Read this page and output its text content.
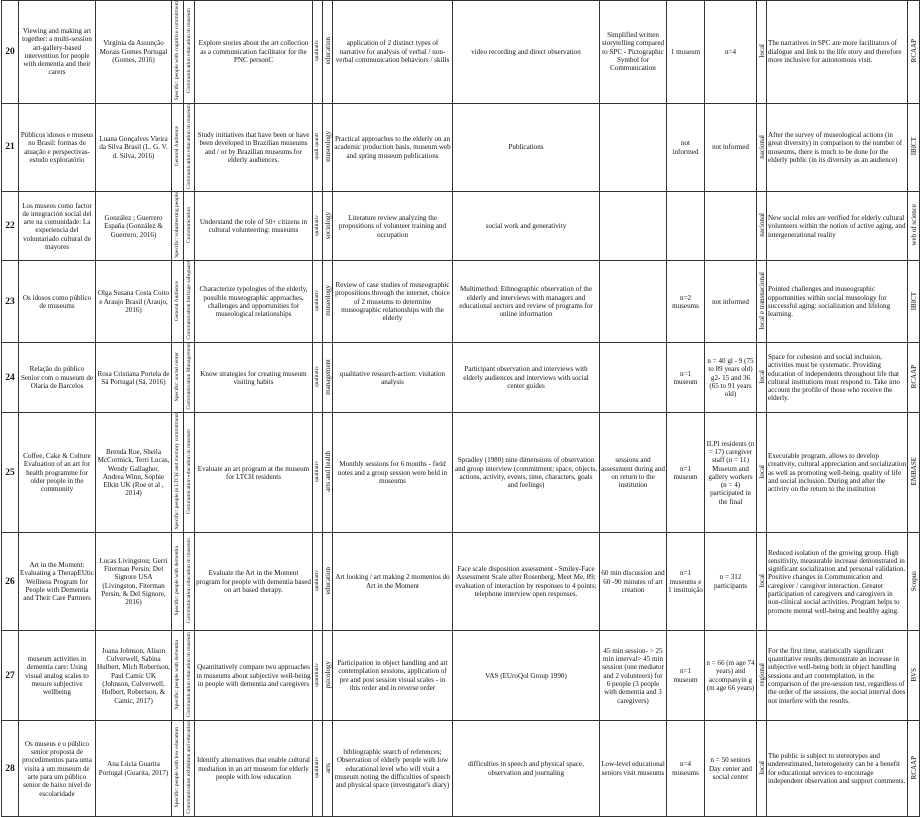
20	Viewing and making art together: a multi-session art-gallery-based intervention for people with dementia and their carers	Virgínia da Assunção Morais Gomes Portugal (Gomes, 2016)	Specific: people with cognitive commitment	Communication education in museum	Explore stories about the art collection as a communication facilitator for the PNC personC	qualitativ	education	application of 2 distinct types of narrative for analysis of verbal / non-verbal communication behaviors / skills	video recording and direct observation	Simplified written storytelling compared to SPC - Pictographic Symbol for Communication	1 museum	n=4	local	The narratives in SPC are more facilitators of dialogue and link to the life story and therefore more inclusive for autonomous visit.	RCAAP
21	Públicos idosos e museus no Brasil: formas de atuação e perspectivas- estudo exploratório	Luana Gonçalves Vieira da Silva Brasil (L. G. V. d. Silva, 2016)	General Audience	Communication education in museum	Study initiatives that have been or have been developed in Brazilian museums and / or by Brazilian museums for elderly audiences.	quali quanti	museology	Practical approaches to the elderly on an academic production basis, museum web and spring museum publications	Publications		not informed	not informed	nacional	After the survey of museological actions (in great diversity) in comparison to the number of museums, there is much to be done for the elderly public (in its diversity as an audience)	IBICT
22	Los museos como factor de integración social del arte na comunidade: La experiencia del voluntariado cultural de mayores	González ; Guerrero España (González & Guerrero, 2016)	Specific: volunteering people	Communication	Understand the role of 50+ citizens in cultural volunteering: museums	qualitativ	sociology	Literature review analyzing the propositions of volunteer training and occupation	social work and generativity				nacional	New social roles are verified for elderly cultural volunteers within the notion of active aging, and intergenerational reality	web of science
23	Os idosos como público de museums	Olga Susana Costa Coito e Araujo Brasil (Araujo, 2016)	General Audience	Communication heritage safeguard	Characterize typologies of the elderly, possible museographic approaches, challenges and opportunities for museological relationships	qualitativ	museology	Review of case studies of museographic propositions through the internet, choice of 2 museums to determine museographic relationships with the elderly	Multimethod: Ethnographic observation of the elderly and interviews with managers and educational sectors and review of programs for online information		n=2 museums	not informed	local e transnacional	Pointed challenges and museographic opportunities within social museology for successful aging: socialization and lifelong learning.	IBICT
24	Relação do público Senior com o museum de Olaria de Barcelos	Rosa Cristiana Portela de Sá Portugal (Sá, 2016)	Specific: social center	Communication Management	Know strategies for creating museum visiting habits	qualitativ	management	qualitative research-action: visitation analysis	Participant observation and interviews with elderly audiences and interviews with social center guides		n=1 museum	n = 40 gl - 9 (75 to 89 years old) g2- 15 and 36 (65 to 91 years old)	local	Space for cohesion and social inclusion, activities must be systematic. Providing education of independents throughout life that cultural institutions must respond to. Take into account the profile of those who receive the elderly.	RCAAP
25	Coffee, Cake & Culture Evaluation of an art for health programme for older people in the community	Brenda Roe, Sheila McCormick, Terri Lucas, Wendy Gallagher, Andrea Winn, Sophie Elkin UK (Roe et al , 2014)	Specific: people in LTCH and memory commitment	Communication education in museum	Evaluate an art program at the museum for LTCH residents	qualitativ	arts and health	Monthly sessions for 6 months - field notes and a group session were held in museums	Spradley (1980) nine dimensions of observation and group interview (commitment; space, objects, actions, activity, events, time, characters, goals and feelings)	sessions and assessment during and on return to the institution	n=1 museum	ILPI residents (n = 17) caregiver staff (n = 11) Museum and gallery workers (n = 4) participated in the final	local	Executable program, allows to develop creativity, cultural appreciation and socialization as well as promoting well-being, quality of life and social inclusion. During and after the activity on the return to the institution	EMBASE
26	Art in the Moment: Evaluating a TherapEUtic Wellness Program for People with Dementia and Their Care Partners	Lucas Livingston; Gerri Fiterman Persin; Del Signore USA (Livingston, Fiterman Persin, & Del Signore, 2016)	Specific: people with dementia	Communication education in museum	Evaluate the Art in the Moment program for people with dementia based on art based therapy.	qualitativ	education	Art looking / art making 2 momentos do Art in the Moment	Face scale disposition assessment - Smiley-Face Assessment Scale after Rosenberg, Meet Me, 89; evaluation of interaction by responses to 4 points; telephone interview open responses.	60 min discussion and 60 -90 minutes of art creation	n=1 museums e 1 instituição	n = 312 participants	local	Reduced isolation of the growing group. High sensitivity, measurable increase demonstrated in significant socialization and personal validation. Positive changes in Communication and caregiver / caregiver interaction. Greater participation of caregivers and caregivers in non-clinical social activities. Program helps to promote mental well-being and healthy aging.	Scopus
27	museum activities in dementia care: Using visual analog scales to mesure subjective wellbeing	Joana Johnson, Alison Culverwell, Sabina Hulbert, Mich Robertson, Paul Camic UK (Johnson, Culverwell, Hulbert, Robertson, & Camic, 2017)	Specific: people with dementia	Communication education in museum	Quantitatively compare two approaches in museums about subjective well-being in people with dementia and caregivers	quantitativ	psicology	Participation in object handling and art contemplation sessions, application of pre and post session visual scales - in this order and in reverse order	VAS (EUroQol Group 1990)	45 min session- > 25 min interval> 45 min session (one mediator and 2 volunteers) for 6 people (3 people with dementia and 3 caregivers)	n=1 museum	n = 66 (m age 74 years) and accompanyin g (m age 66 years)	regional	For the first time, statistically significant quantitative results demonstrate an increase in subjective well-being both in object handling sessions and art contemplation, in the comparison of the pre-session test, regardless of the order of the sessions, the social interval does not interfere with the results.	BVS
28	Os museus e o público senior proposta de procedimentos para uma visita a um museum de arte para um público senior de baixo nível de escolaridade	Ana Lúcia Guarita Portugal (Guarita, 2017)	Specific: people with low education	Communication exhibition and education	Identify alternatives that enable cultural mediation in an art museum for elderly people with low education	qualitativ	arts	bibliographic search of references; Observation of elderly people with low educational level who will visit a museum noting the difficulties of speech and physical space (investigator's diary)	difficulties in speech and physical space, observation and journaling	Low-level educational seniors visit museums	n=4 museums	n = 50 seniors Day center and social center	local	The public is subject to stereotypes and underestimated, heterogeneity can be a benefit for educational services to encourage independent observation and support comments.	RCAAP
